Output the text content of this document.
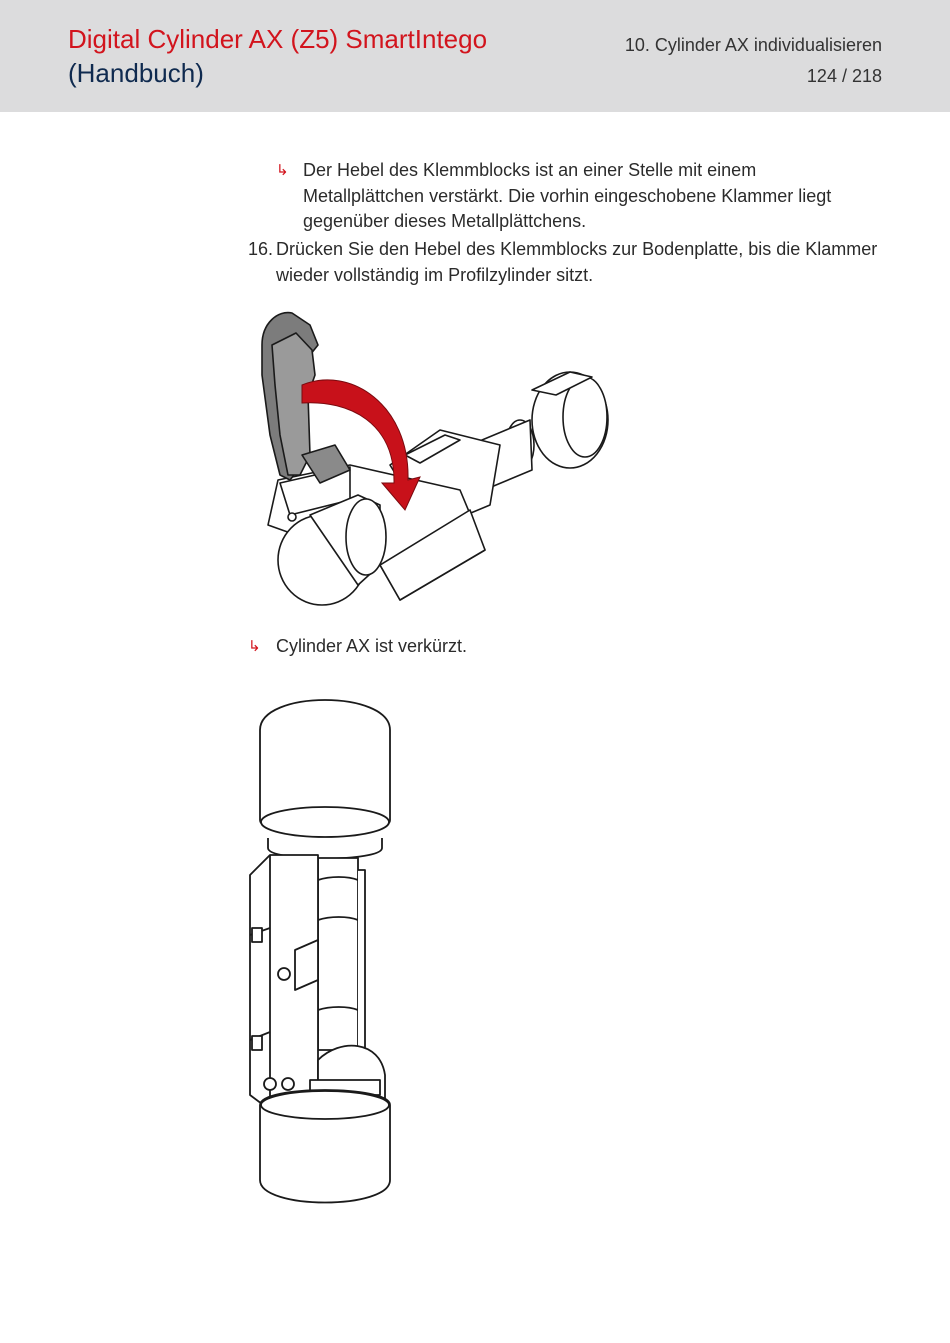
Digital Cylinder AX (Z5) SmartIntego
(Handbuch)
10. Cylinder AX individualisieren
124 / 218
↳ Der Hebel des Klemmblocks ist an einer Stelle mit einem Metallplättchen verstärkt. Die vorhin eingeschobene Klammer liegt gegenüber dieses Metallplättchens.
16. Drücken Sie den Hebel des Klemmblocks zur Bodenplatte, bis die Klammer wieder vollständig im Profilzylinder sitzt.
↳ Cylinder AX ist verkürzt.
